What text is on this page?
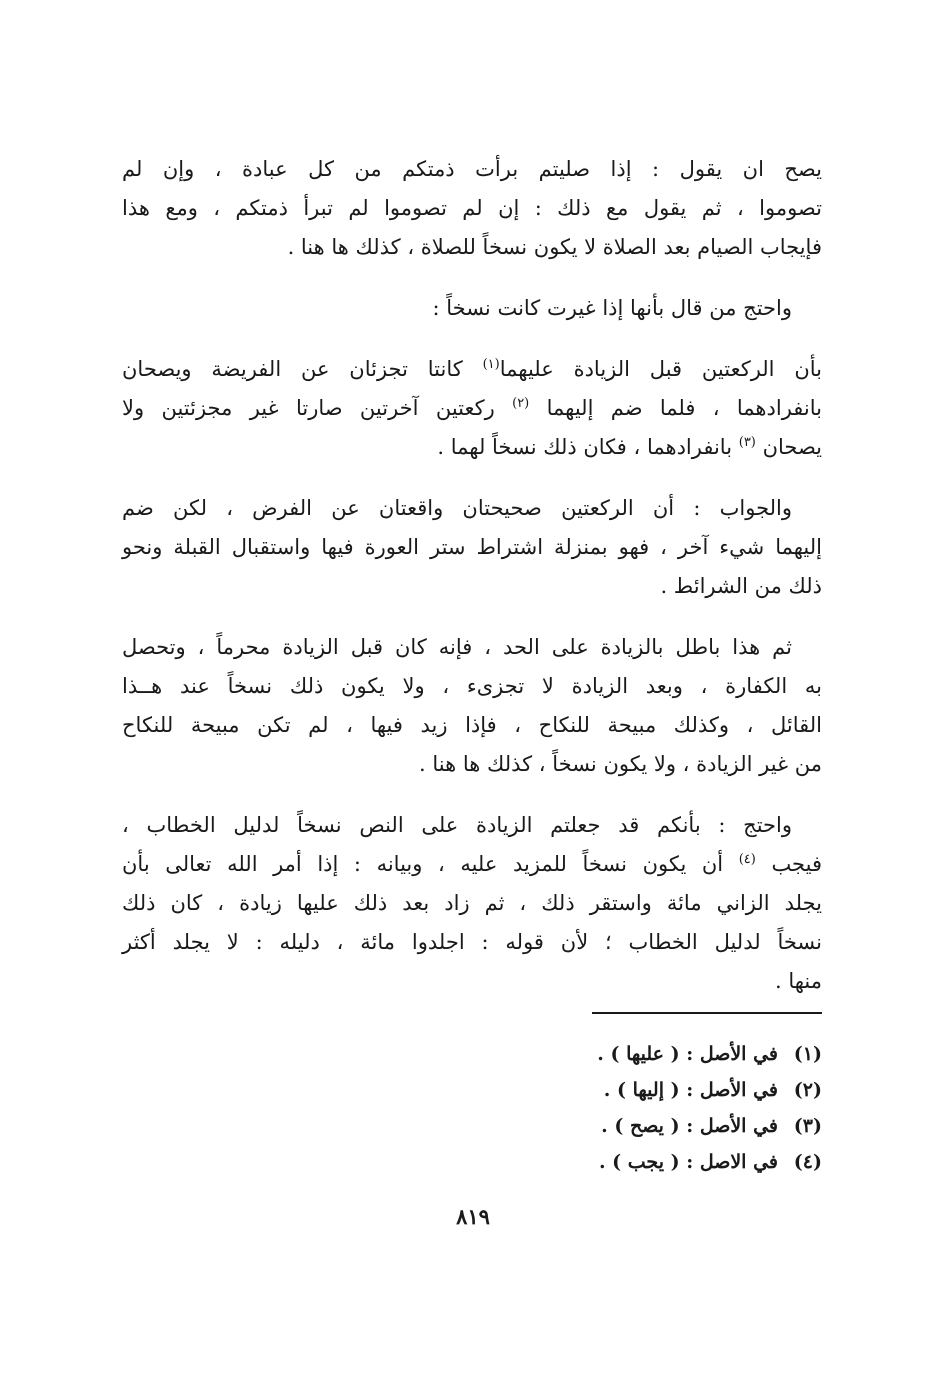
يصح ان يقول : إذا صليتم برأت ذمتكم من كل عبادة ، وإن لم
تصوموا ، ثم يقول مع ذلك : إن لم تصوموا لم تبرأ ذمتكم ، ومع هذا
فإيجاب الصيام بعد الصلاة لا يكون نسخاً للصلاة ، كذلك ها هنا .
واحتج من قال بأنها إذا غيرت كانت نسخاً :
بأن الركعتين قبل الزيادة عليهما$^{(١)}$ كانتا تجزئان عن الفريضة ويصحان
بانفرادهما ، فلما ضم إليهما $^{(٢)}$ ركعتين آخرتين صارتا غير مجزئتين ولا
يصحان $^{(٣)}$ بانفرادهما ، فكان ذلك نسخاً لهما .
والجواب : أن الركعتين صحيحتان واقعتان عن الفرض ، لكن ضم
إليهما شيء آخر ، فهو بمنزلة اشتراط ستر العورة فيها واستقبال القبلة ونحو
ذلك من الشرائط .
ثم هذا باطل بالزيادة على الحد ، فإنه كان قبل الزيادة محرماً ، وتحصل
به الكفارة ، وبعد الزيادة لا تجزىء ، ولا يكون ذلك نسخاً عند هــذا
القائل ، وكذلك مبيحة للنكاح ، فإذا زيد فيها ، لم تكن مبيحة للنكاح
من غير الزيادة ، ولا يكون نسخاً ، كذلك ها هنا .
واحتج : بأنكم قد جعلتم الزيادة على النص نسخاً لدليل الخطاب ،
فيجب $^{(٤)}$ أن يكون نسخاً للمزيد عليه ، وبيانه : إذا أمر الله تعالى بأن
يجلد الزاني مائة واستقر ذلك ، ثم زاد بعد ذلك عليها زيادة ، كان ذلك
نسخاً لدليل الخطاب ؛ لأن قوله : اجلدوا مائة ، دليله : لا يجلد أكثر
منها .
(١)
في الأصل : ( عليها ) .
(٢)
في الأصل : ( إليها ) .
(٣)
في الأصل : ( يصح ) .
(٤)
في الاصل : ( يجب ) .
٨١٩
